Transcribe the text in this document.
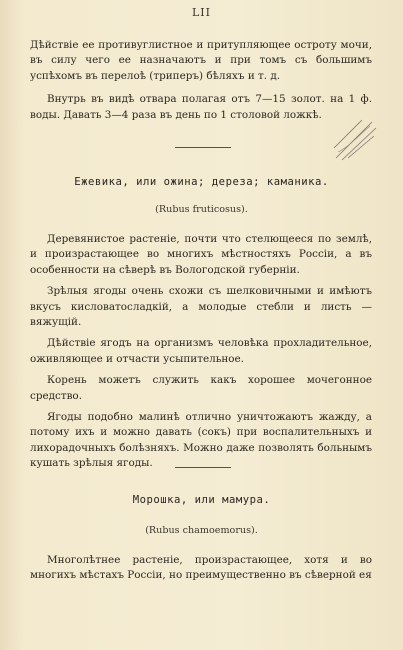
LII

Дѣйствіе ее противуглистное и притупляющее остроту мочи, въ силу чего ее назначаютъ и при томъ съ большимъ успѣхомъ въ перелоѣ (триперъ) бѣляхъ и т. д.

Внутрь въ видѣ отвара полагая отъ 7—15 золот. на 1 ф. воды. Давать 3—4 раза въ день по 1 столовой ложкѣ.

Ежевика, или ожина; дереза; каманика.
(Rubus fruticosus).

Деревянистое растеніе, почти что стелющееся по землѣ, и произрастающее во многихъ мѣстностяхъ Россіи, а въ особенности на сѣверѣ въ Вологодской губерніи.

Зрѣлыя ягоды очень схожи съ шелковичными и имѣютъ вкусъ кисловатосладкій, а молодые стебли и листь — вяжущій.

Дѣйствіе ягодъ на организмъ человѣка прохладительное, оживляющее и отчасти усыпительное.

Корень можетъ служить какъ хорошее мочегонное средство.

Ягоды подобно малинѣ отлично уничтожаютъ жажду, а потому ихъ и можно давать (сокъ) при воспалительныхъ и лихорадочныхъ болѣзняхъ. Можно даже позволять больнымъ кушать зрѣлыя ягоды.

Морошка, или мамура.
(Rubus chamoemorus).

Многолѣтнее растеніе, произрастающее, хотя и во многихъ мѣстахъ Россіи, но преимущественно въ сѣверной ея
